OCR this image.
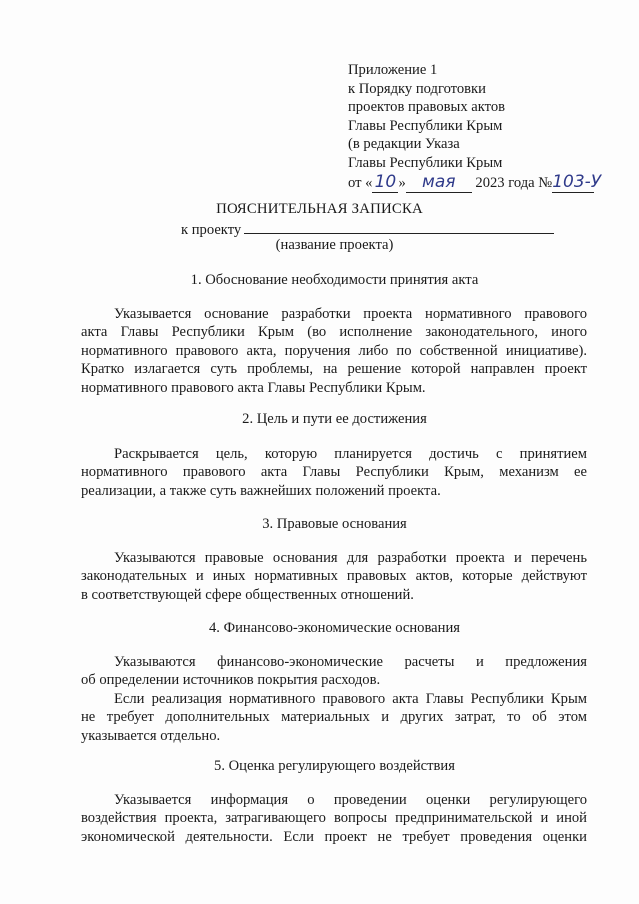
Приложение 1
к Порядку подготовки
проектов правовых актов
Главы Республики Крым
(в редакции Указа
Главы Республики Крым
от « 10 » мая 2023 года №103-У
ПОЯСНИТЕЛЬНАЯ ЗАПИСКА
к проекту
(название проекта)
1. Обоснование необходимости принятия акта
Указывается основание разработки проекта нормативного правового
акта Главы Республики Крым (во исполнение законодательного, иного
нормативного правового акта, поручения либо по собственной инициативе).
Кратко излагается суть проблемы, на решение которой направлен проект
нормативного правового акта Главы Республики Крым.
2. Цель и пути ее достижения
Раскрывается цель, которую планируется достичь с принятием
нормативного правового акта Главы Республики Крым, механизм ее
реализации, а также суть важнейших положений проекта.
3. Правовые основания
Указываются правовые основания для разработки проекта и перечень
законодательных и иных нормативных правовых актов, которые действуют
в соответствующей сфере общественных отношений.
4. Финансово-экономические основания
Указываются финансово-экономические расчеты и предложения
об определении источников покрытия расходов.
Если реализация нормативного правового акта Главы Республики Крым
не требует дополнительных материальных и других затрат, то об этом
указывается отдельно.
5. Оценка регулирующего воздействия
Указывается информация о проведении оценки регулирующего
воздействия проекта, затрагивающего вопросы предпринимательской и иной
экономической деятельности. Если проект не требует проведения оценки
